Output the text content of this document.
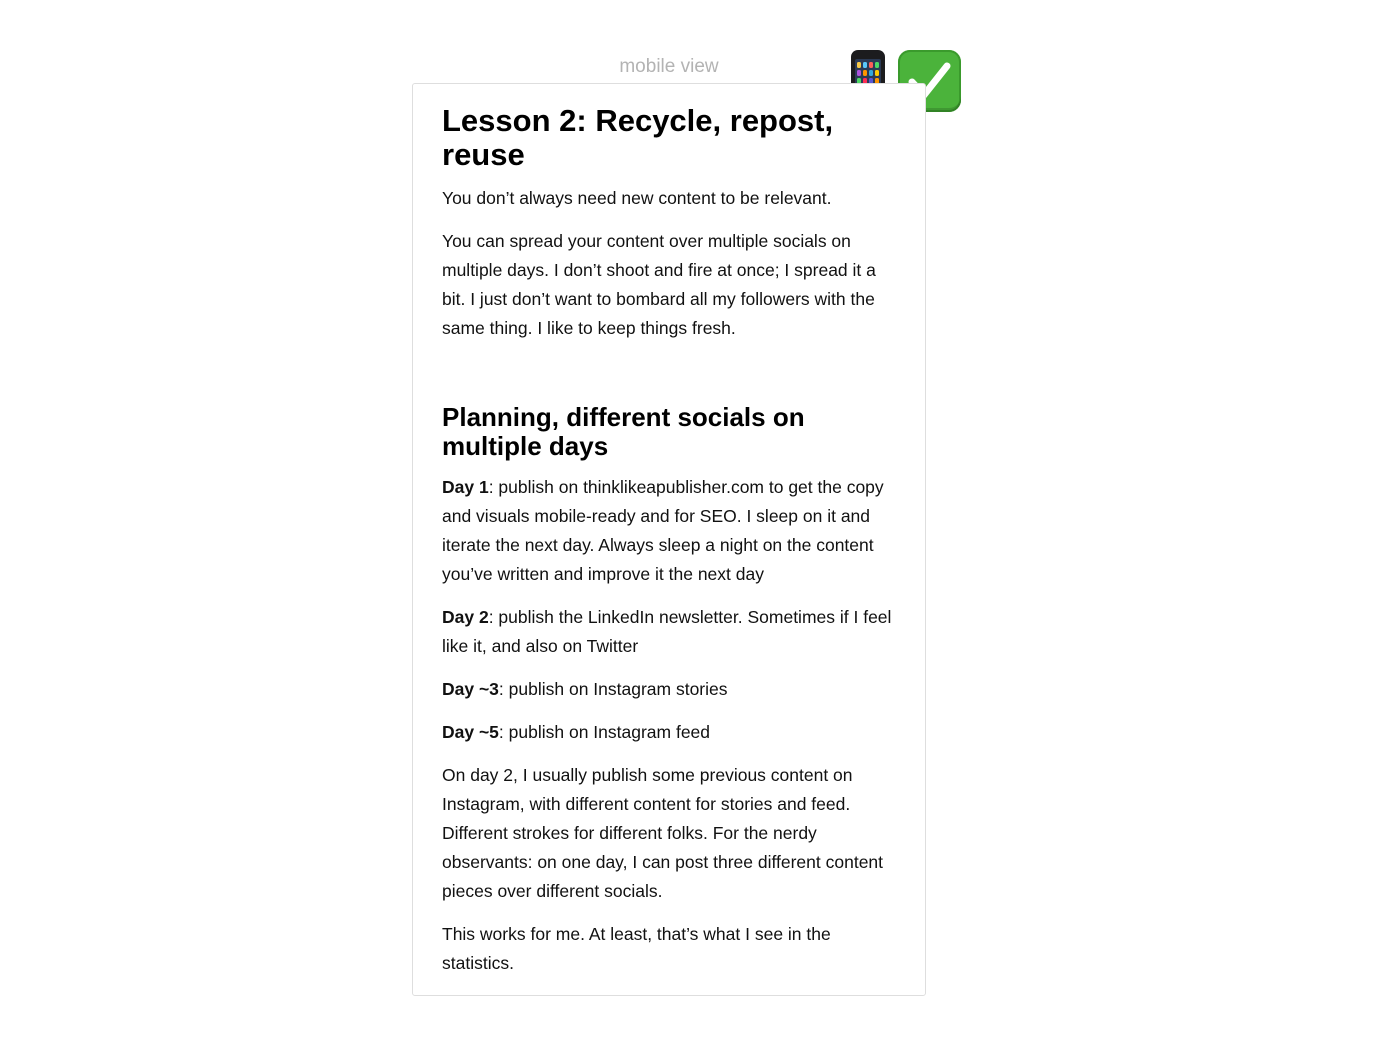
mobile view
Lesson 2: Recycle, repost, reuse

You don’t always need new content to be relevant.

You can spread your content over multiple socials on multiple days. I don’t shoot and fire at once; I spread it a bit. I just don’t want to bombard all my followers with the same thing. I like to keep things fresh.

Planning, different socials on multiple days

Day 1: publish on thinklikeapublisher.com to get the copy and visuals mobile-ready and for SEO. I sleep on it and iterate the next day. Always sleep a night on the content you’ve written and improve it the next day

Day 2: publish the LinkedIn newsletter. Sometimes if I feel like it, and also on Twitter

Day ~3: publish on Instagram stories

Day ~5: publish on Instagram feed

On day 2, I usually publish some previous content on Instagram, with different content for stories and feed. Different strokes for different folks. For the nerdy observants: on one day, I can post three different content pieces over different socials.

This works for me. At least, that’s what I see in the statistics.
